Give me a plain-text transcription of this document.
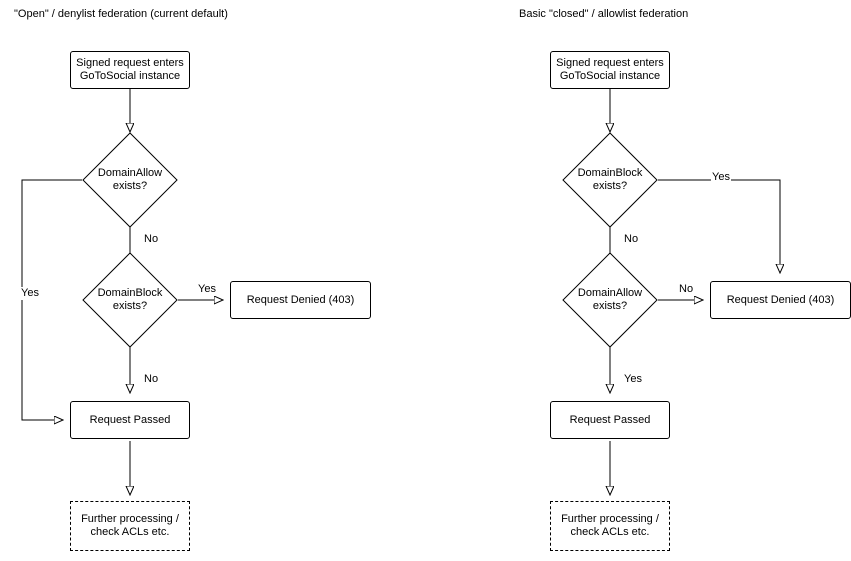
"Open" / denylist federation (current default)	Basic "closed" / allowlist federation
Signed request enters
GoToSocial instance
DomainAllow
exists?
DomainBlock
exists?
Request Denied (403)
Request Passed
Further processing /
check ACLs etc.
Yes
No
Yes
No
Signed request enters
GoToSocial instance
DomainBlock
exists?
DomainAllow
exists?
Request Denied (403)
Request Passed
Further processing /
check ACLs etc.
Yes
No
No
Yes
